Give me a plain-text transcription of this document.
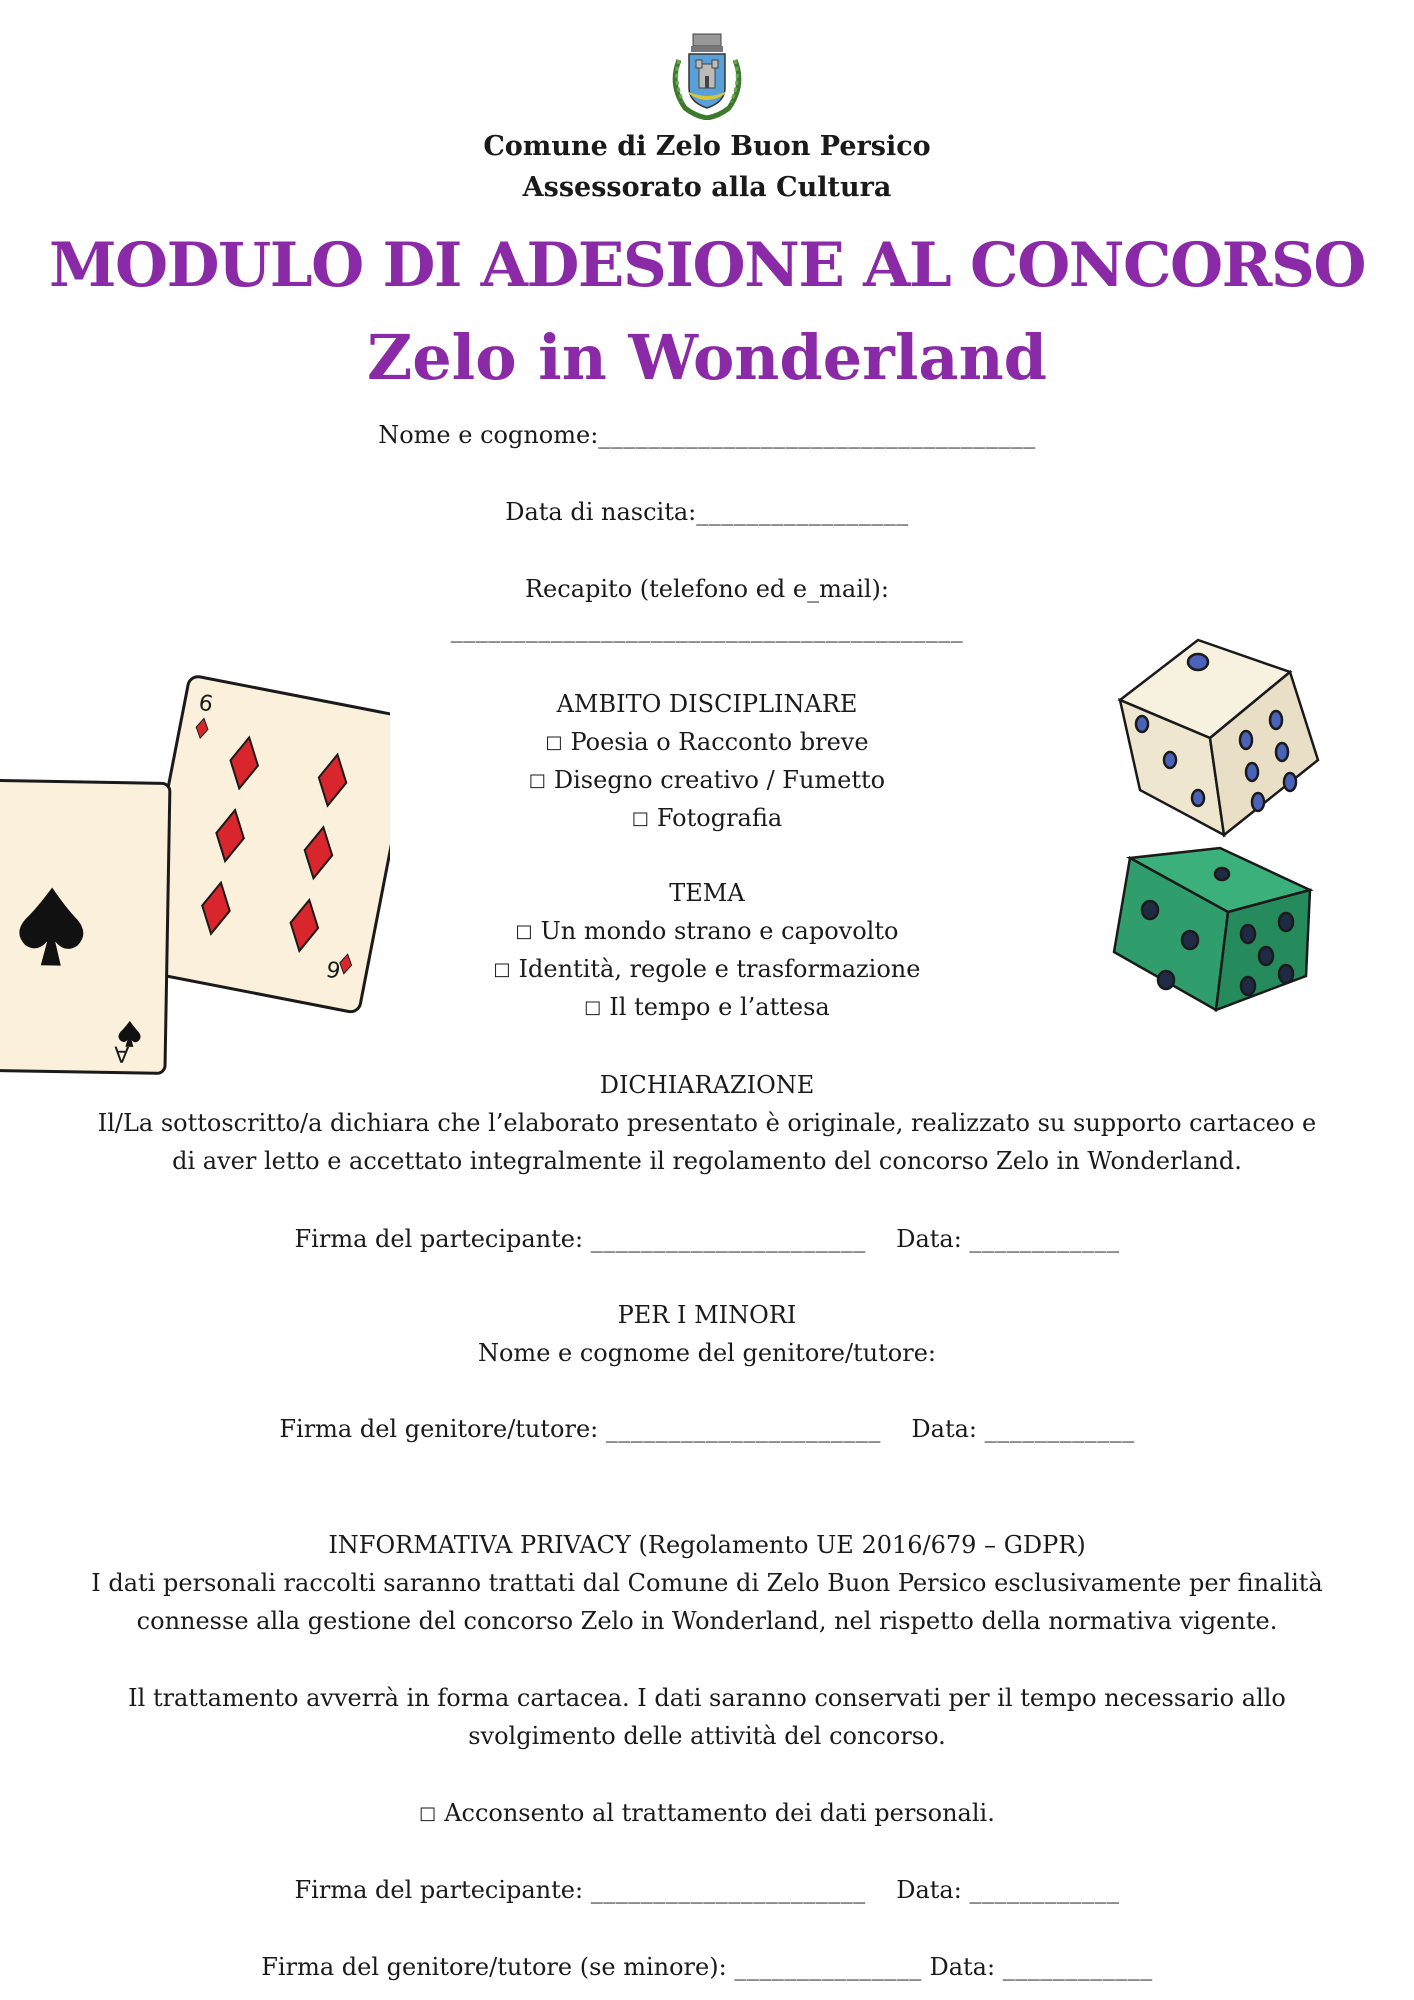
Comune di Zelo Buon Persico
Assessorato alla Cultura
MODULO DI ADESIONE AL CONCORSO
Zelo in Wonderland
Nome e cognome:___________________________________
Data di nascita:_________________
Recapito (telefono ed e_mail):
_________________________________________
6
6
A
AMBITO DISCIPLINARE
□ Poesia o Racconto breve
□ Disegno creativo / Fumetto
□ Fotografia
TEMA
□ Un mondo strano e capovolto
□ Identità, regole e trasformazione
□ Il tempo e l’attesa
DICHIARAZIONE
Il/La sottoscritto/a dichiara che l’elaborato presentato è originale, realizzato su supporto cartaceo e
di aver letto e accettato integralmente il regolamento del concorso Zelo in Wonderland.
Firma del partecipante: ______________________ Data: ____________
PER I MINORI
Nome e cognome del genitore/tutore:
Firma del genitore/tutore: ______________________ Data: ____________
INFORMATIVA PRIVACY (Regolamento UE 2016/679 – GDPR)
I dati personali raccolti saranno trattati dal Comune di Zelo Buon Persico esclusivamente per finalità
connesse alla gestione del concorso Zelo in Wonderland, nel rispetto della normativa vigente.
Il trattamento avverrà in forma cartacea. I dati saranno conservati per il tempo necessario allo
svolgimento delle attività del concorso.
□ Acconsento al trattamento dei dati personali.
Firma del partecipante: ______________________ Data: ____________
Firma del genitore/tutore (se minore): _______________ Data: ____________
